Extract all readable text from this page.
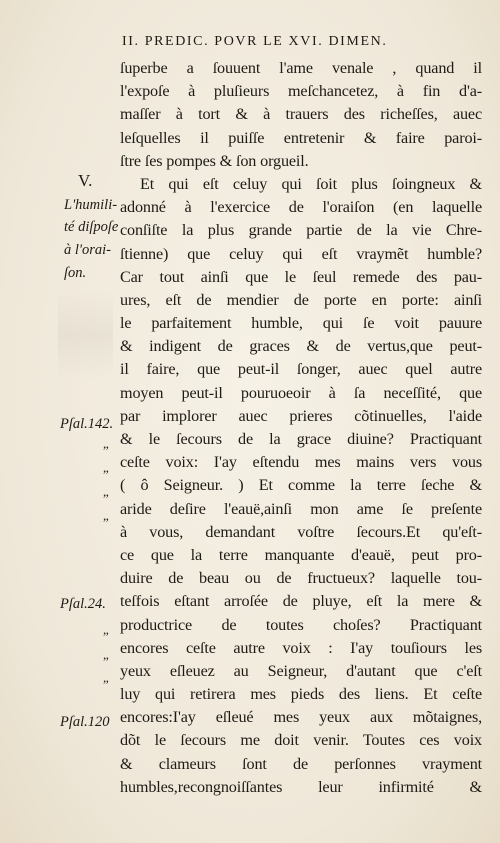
II. PREDIC. POVR LE XVI. DIMEN.
V.
L'humili-
té diſpoſe
à l'orai-
ſon.
Pſal.142.
„
„
„
„
Pſal.24.
„
„
„
Pſal.120
ſuperbe a ſouuent l'ame venale , quand il
l'expoſe à pluſieurs meſchancetez, à fin d'a-
maſſer à tort & à trauers des richeſſes, auec
leſquelles il puiſſe entretenir & faire paroi-
ſtre ſes pompes & ſon orgueil.
Et qui eſt celuy qui ſoit plus ſoingneux &
adonné à l'exercice de l'oraiſon (en laquelle
conſiſte la plus grande partie de la vie Chre-
ſtienne) que celuy qui eſt vraymẽt humble?
Car tout ainſi que le ſeul remede des pau-
ures, eſt de mendier de porte en porte: ainſi
le parfaitement humble, qui ſe voit pauure
& indigent de graces & de vertus,que peut-
il faire, que peut-il ſonger, auec quel autre
moyen peut-il pouruoeoir à ſa neceſſité, que
par implorer auec prieres cõtinuelles, l'aide
& le ſecours de la grace diuine? Practiquant
ceſte voix: I'ay eſtendu mes mains vers vous
( ô Seigneur. ) Et comme la terre ſeche &
aride deſire l'eauë,ainſi mon ame ſe preſente
à vous, demandant voſtre ſecours.Et qu'eſt-
ce que la terre manquante d'eauë, peut pro-
duire de beau ou de fructueux? laquelle tou-
teſfois eſtant arroſée de pluye, eſt la mere &
productrice de toutes choſes? Practiquant
encores ceſte autre voix : I'ay touſiours les
yeux eſleuez au Seigneur, d'autant que c'eſt
luy qui retirera mes pieds des liens. Et ceſte
encores:I'ay eſleué mes yeux aux mõtaignes,
dõt le ſecours me doit venir. Toutes ces voix
& clameurs ſont de perſonnes vrayment
humbles,recongnoiſſantes leur infirmité &
